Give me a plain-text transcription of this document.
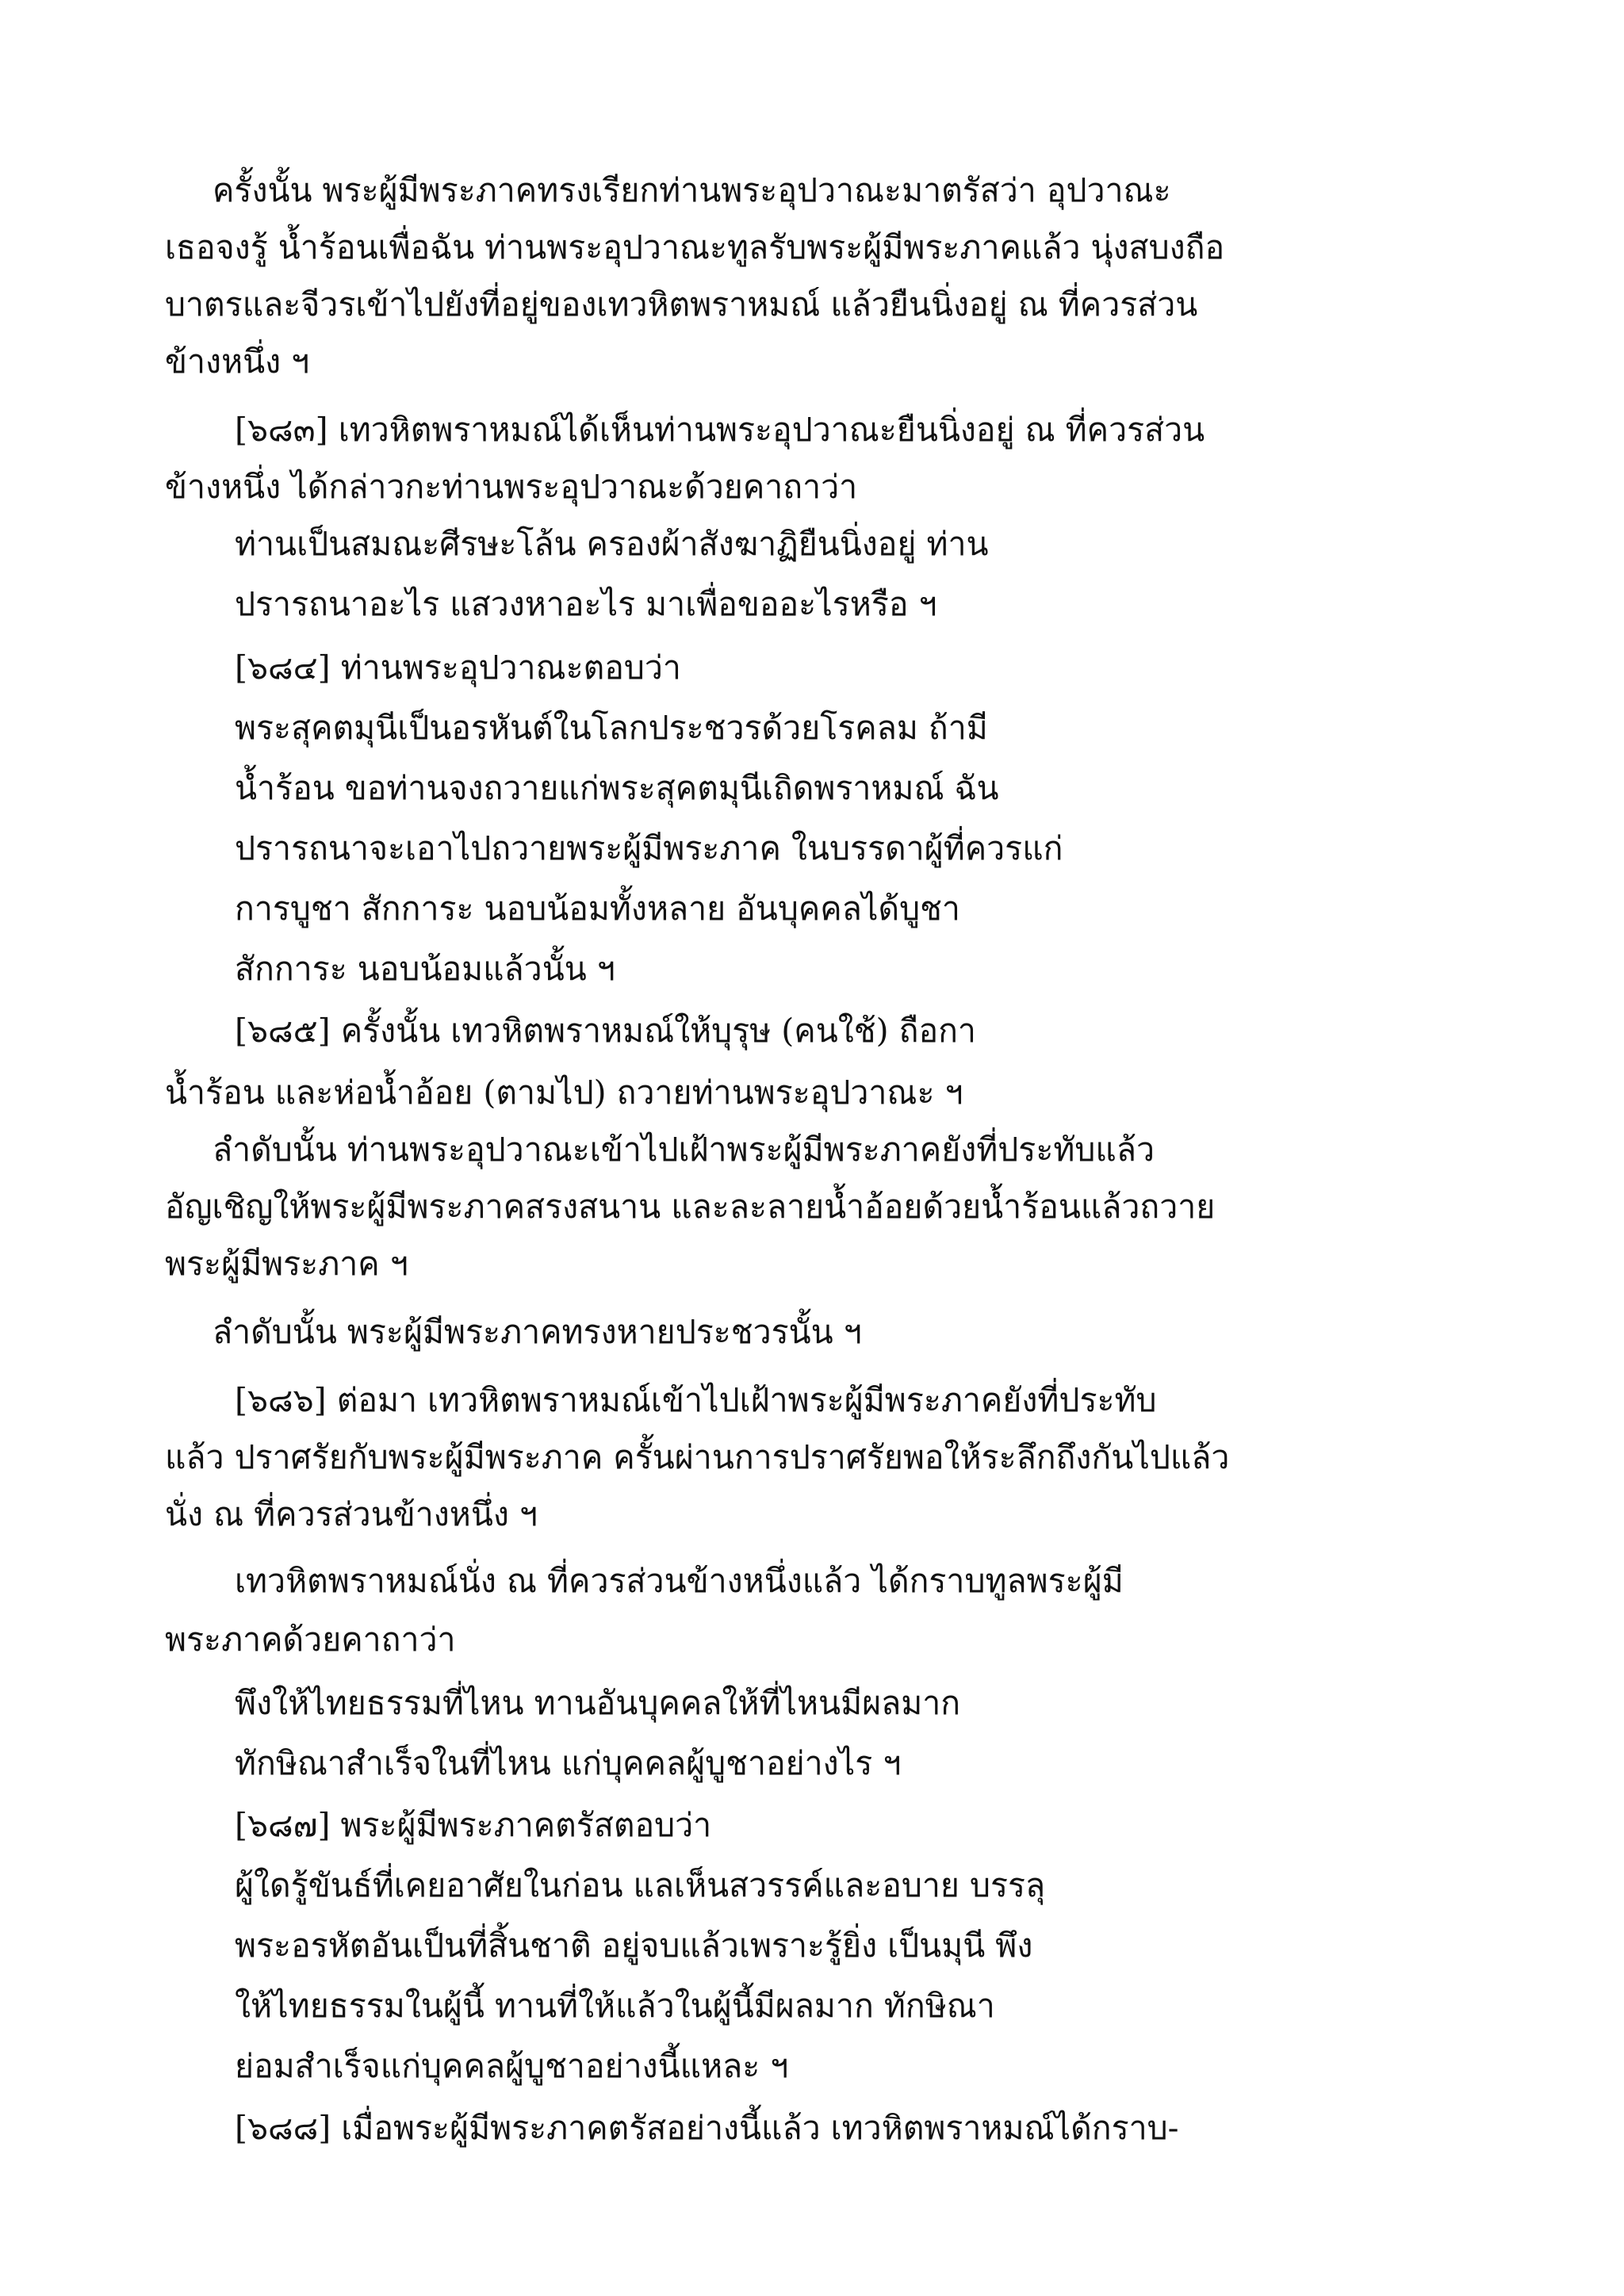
ครั้งนั้น พระผู้มีพระภาคทรงเรียกท่านพระอุปวาณะมาตรัสว่า อุปวาณะ
เธอจงรู้ น้ำร้อนเพื่อฉัน ท่านพระอุปวาณะทูลรับพระผู้มีพระภาคแล้ว นุ่งสบงถือ
บาตรและจีวรเข้าไปยังที่อยู่ของเทวหิตพราหมณ์ แล้วยืนนิ่งอยู่ ณ ที่ควรส่วน
ข้างหนึ่ง ฯ
[๖๘๓] เทวหิตพราหมณ์ได้เห็นท่านพระอุปวาณะยืนนิ่งอยู่ ณ ที่ควรส่วน
ข้างหนึ่ง ได้กล่าวกะท่านพระอุปวาณะด้วยคาถาว่า
ท่านเป็นสมณะศีรษะโล้น ครองผ้าสังฆาฏิยืนนิ่งอยู่ ท่าน
ปรารถนาอะไร แสวงหาอะไร มาเพื่อขออะไรหรือ ฯ
[๖๘๔] ท่านพระอุปวาณะตอบว่า
พระสุคตมุนีเป็นอรหันต์ในโลกประชวรด้วยโรคลม ถ้ามี
น้ำร้อน ขอท่านจงถวายแก่พระสุคตมุนีเถิดพราหมณ์ ฉัน
ปรารถนาจะเอาไปถวายพระผู้มีพระภาค ในบรรดาผู้ที่ควรแก่
การบูชา สักการะ นอบน้อมทั้งหลาย อันบุคคลได้บูชา
สักการะ นอบน้อมแล้วนั้น ฯ
[๖๘๕] ครั้งนั้น เทวหิตพราหมณ์ให้บุรุษ (คนใช้) ถือกา
น้ำร้อน และห่อน้ำอ้อย (ตามไป) ถวายท่านพระอุปวาณะ ฯ
ลำดับนั้น ท่านพระอุปวาณะเข้าไปเฝ้าพระผู้มีพระภาคยังที่ประทับแล้ว
อัญเชิญให้พระผู้มีพระภาคสรงสนาน และละลายน้ำอ้อยด้วยน้ำร้อนแล้วถวาย
พระผู้มีพระภาค ฯ
ลำดับนั้น พระผู้มีพระภาคทรงหายประชวรนั้น ฯ
[๖๘๖] ต่อมา เทวหิตพราหมณ์เข้าไปเฝ้าพระผู้มีพระภาคยังที่ประทับ
แล้ว ปราศรัยกับพระผู้มีพระภาค ครั้นผ่านการปราศรัยพอให้ระลึกถึงกันไปแล้ว
นั่ง ณ ที่ควรส่วนข้างหนึ่ง ฯ
เทวหิตพราหมณ์นั่ง ณ ที่ควรส่วนข้างหนึ่งแล้ว ได้กราบทูลพระผู้มี
พระภาคด้วยคาถาว่า
พึงให้ไทยธรรมที่ไหน ทานอันบุคคลให้ที่ไหนมีผลมาก
ทักษิณาสำเร็จในที่ไหน แก่บุคคลผู้บูชาอย่างไร ฯ
[๖๘๗] พระผู้มีพระภาคตรัสตอบว่า
ผู้ใดรู้ขันธ์ที่เคยอาศัยในก่อน แลเห็นสวรรค์และอบาย บรรลุ
พระอรหัตอันเป็นที่สิ้นชาติ อยู่จบแล้วเพราะรู้ยิ่ง เป็นมุนี พึง
ให้ไทยธรรมในผู้นี้ ทานที่ให้แล้วในผู้นี้มีผลมาก ทักษิณา
ย่อมสำเร็จแก่บุคคลผู้บูชาอย่างนี้แหละ ฯ
[๖๘๘] เมื่อพระผู้มีพระภาคตรัสอย่างนี้แล้ว เทวหิตพราหมณ์ได้กราบ-
